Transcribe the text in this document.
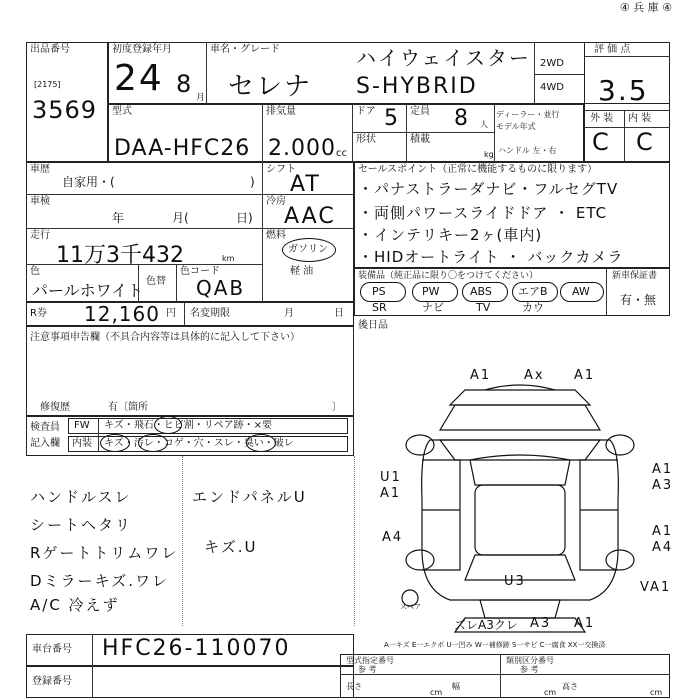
④ 兵 庫 ④
出品番号
[2175]
3569
初度登録年月
24 8 月
車名・グレード
セレナ
ハイウェイスター
S-HYBRID
2WD
4WD
評 価 点
3.5
外 装 内 装
C C
型式
DAA-HFC26
排気量
2.000 cc
ドア 5 定員 8 人
ディーラー・並行
モデル年式
形状	積載
kg ハンドル 左・右
車歴
自家用・(	)
車検
年	月(	日)
走行
11万3千432	km
色
パールホワイト 色替
色コード
QAB
シフト
AT
冷房
AAC
燃料
ガソリン
軽 油
R券 12,160 円 名変期限	月	日
セールスポイント（正常に機能するものに限ります）
・パナストラーダナビ・フルセグTV
・両側パワースライドドア ・ ETC
・インテリキー2ヶ(車内)
・HIDオートライト ・ バックカメラ
装備品（純正品に限り〇をつけてください）	新車保証書
有・無
PS	PW	ABS エアB AW
SR	ナビ	TV	カウ
後日品
注意事項申告欄（不具合内容等は具体的に記入して下さい）
修復歴	有〔箇所	〕
検査員 FW キズ・飛石・ヒビ割・リペア跡・×要
記入欄 内装 キズ・汚レ・コゲ・穴・スレ・臭い・破レ
ハンドルスレ
シートヘタリ
Rゲートトリムワレ
Dミラーキズ.ワレ
A/C 冷えず
エンドパネルU
キズ.U
A1	Ax A1
U1
A1
A1
A3
A4	A1
A4
U3	VA1
ズレA3クレ A3 A1
スペア
A一キズ E一エクボ U一凹み W一補修跡 S一サビ C一腐食 XX一交換済
車台番号 HFC26-110070
登録番号
型式指定番号
参 考
類別区分番号
参 考
長さ
cm
幅
cm
高さ
cm
